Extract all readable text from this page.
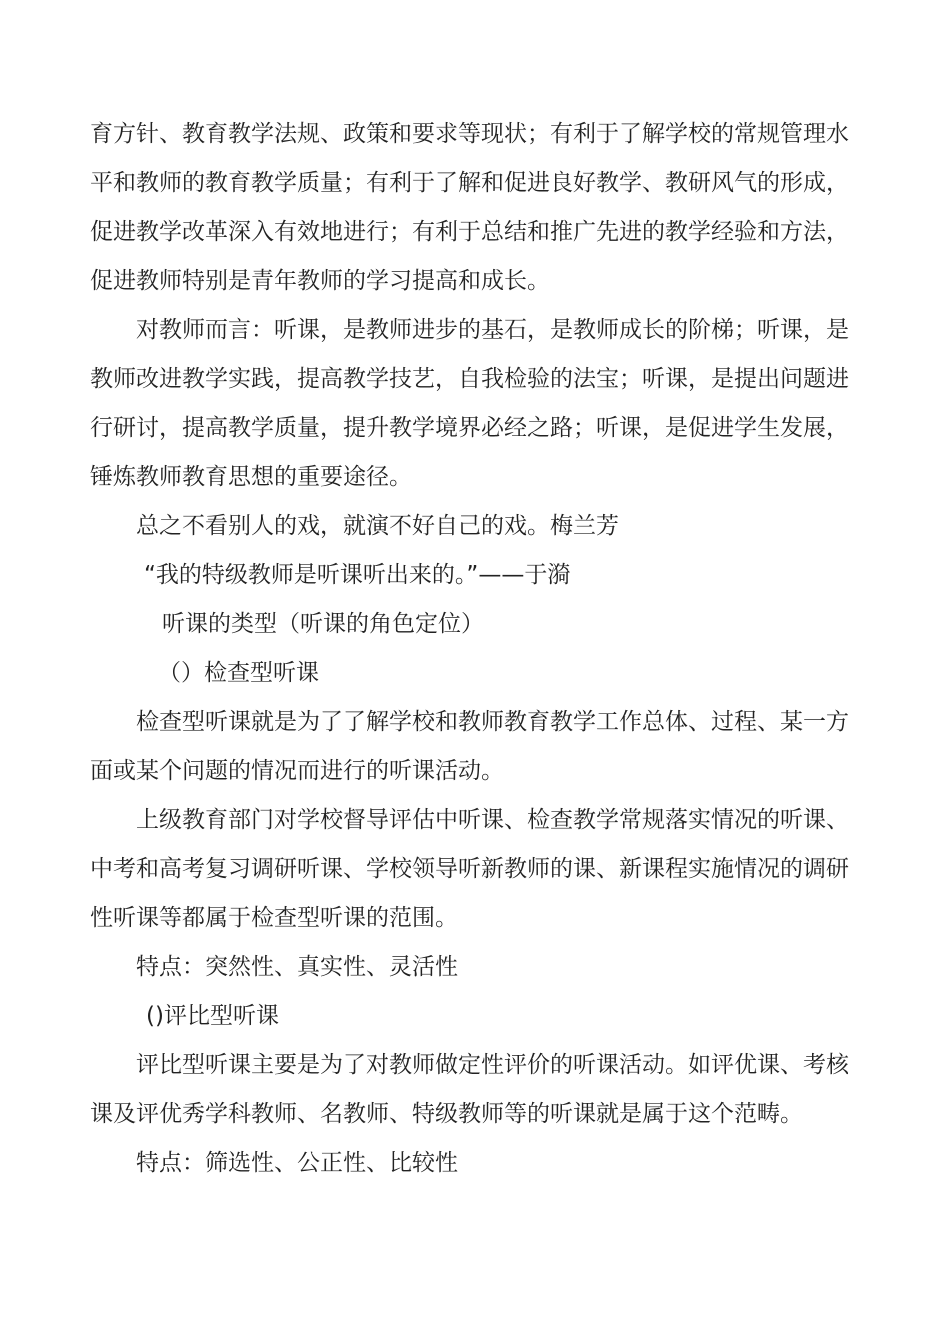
育方针、教育教学法规、政策和要求等现状；有利于了解学校的常规管理水平和教师的教育教学质量；有利于了解和促进良好教学、教研风气的形成，促进教学改革深入有效地进行；有利于总结和推广先进的教学经验和方法，促进教师特别是青年教师的学习提高和成长。

对教师而言：听课，是教师进步的基石，是教师成长的阶梯；听课，是教师改进教学实践，提高教学技艺，自我检验的法宝；听课，是提出问题进行研讨，提高教学质量，提升教学境界必经之路；听课，是促进学生发展，锤炼教师教育思想的重要途径。

总之不看别人的戏，就演不好自己的戏。梅兰芳

“我的特级教师是听课听出来的。”——于漪

听课的类型（听课的角色定位）

（）检查型听课

检查型听课就是为了了解学校和教师教育教学工作总体、过程、某一方面或某个问题的情况而进行的听课活动。

上级教育部门对学校督导评估中听课、检查教学常规落实情况的听课、中考和高考复习调研听课、学校领导听新教师的课、新课程实施情况的调研性听课等都属于检查型听课的范围。

特点：突然性、真实性、灵活性

()评比型听课

评比型听课主要是为了对教师做定性评价的听课活动。如评优课、考核课及评优秀学科教师、名教师、特级教师等的听课就是属于这个范畴。

特点：筛选性、公正性、比较性
